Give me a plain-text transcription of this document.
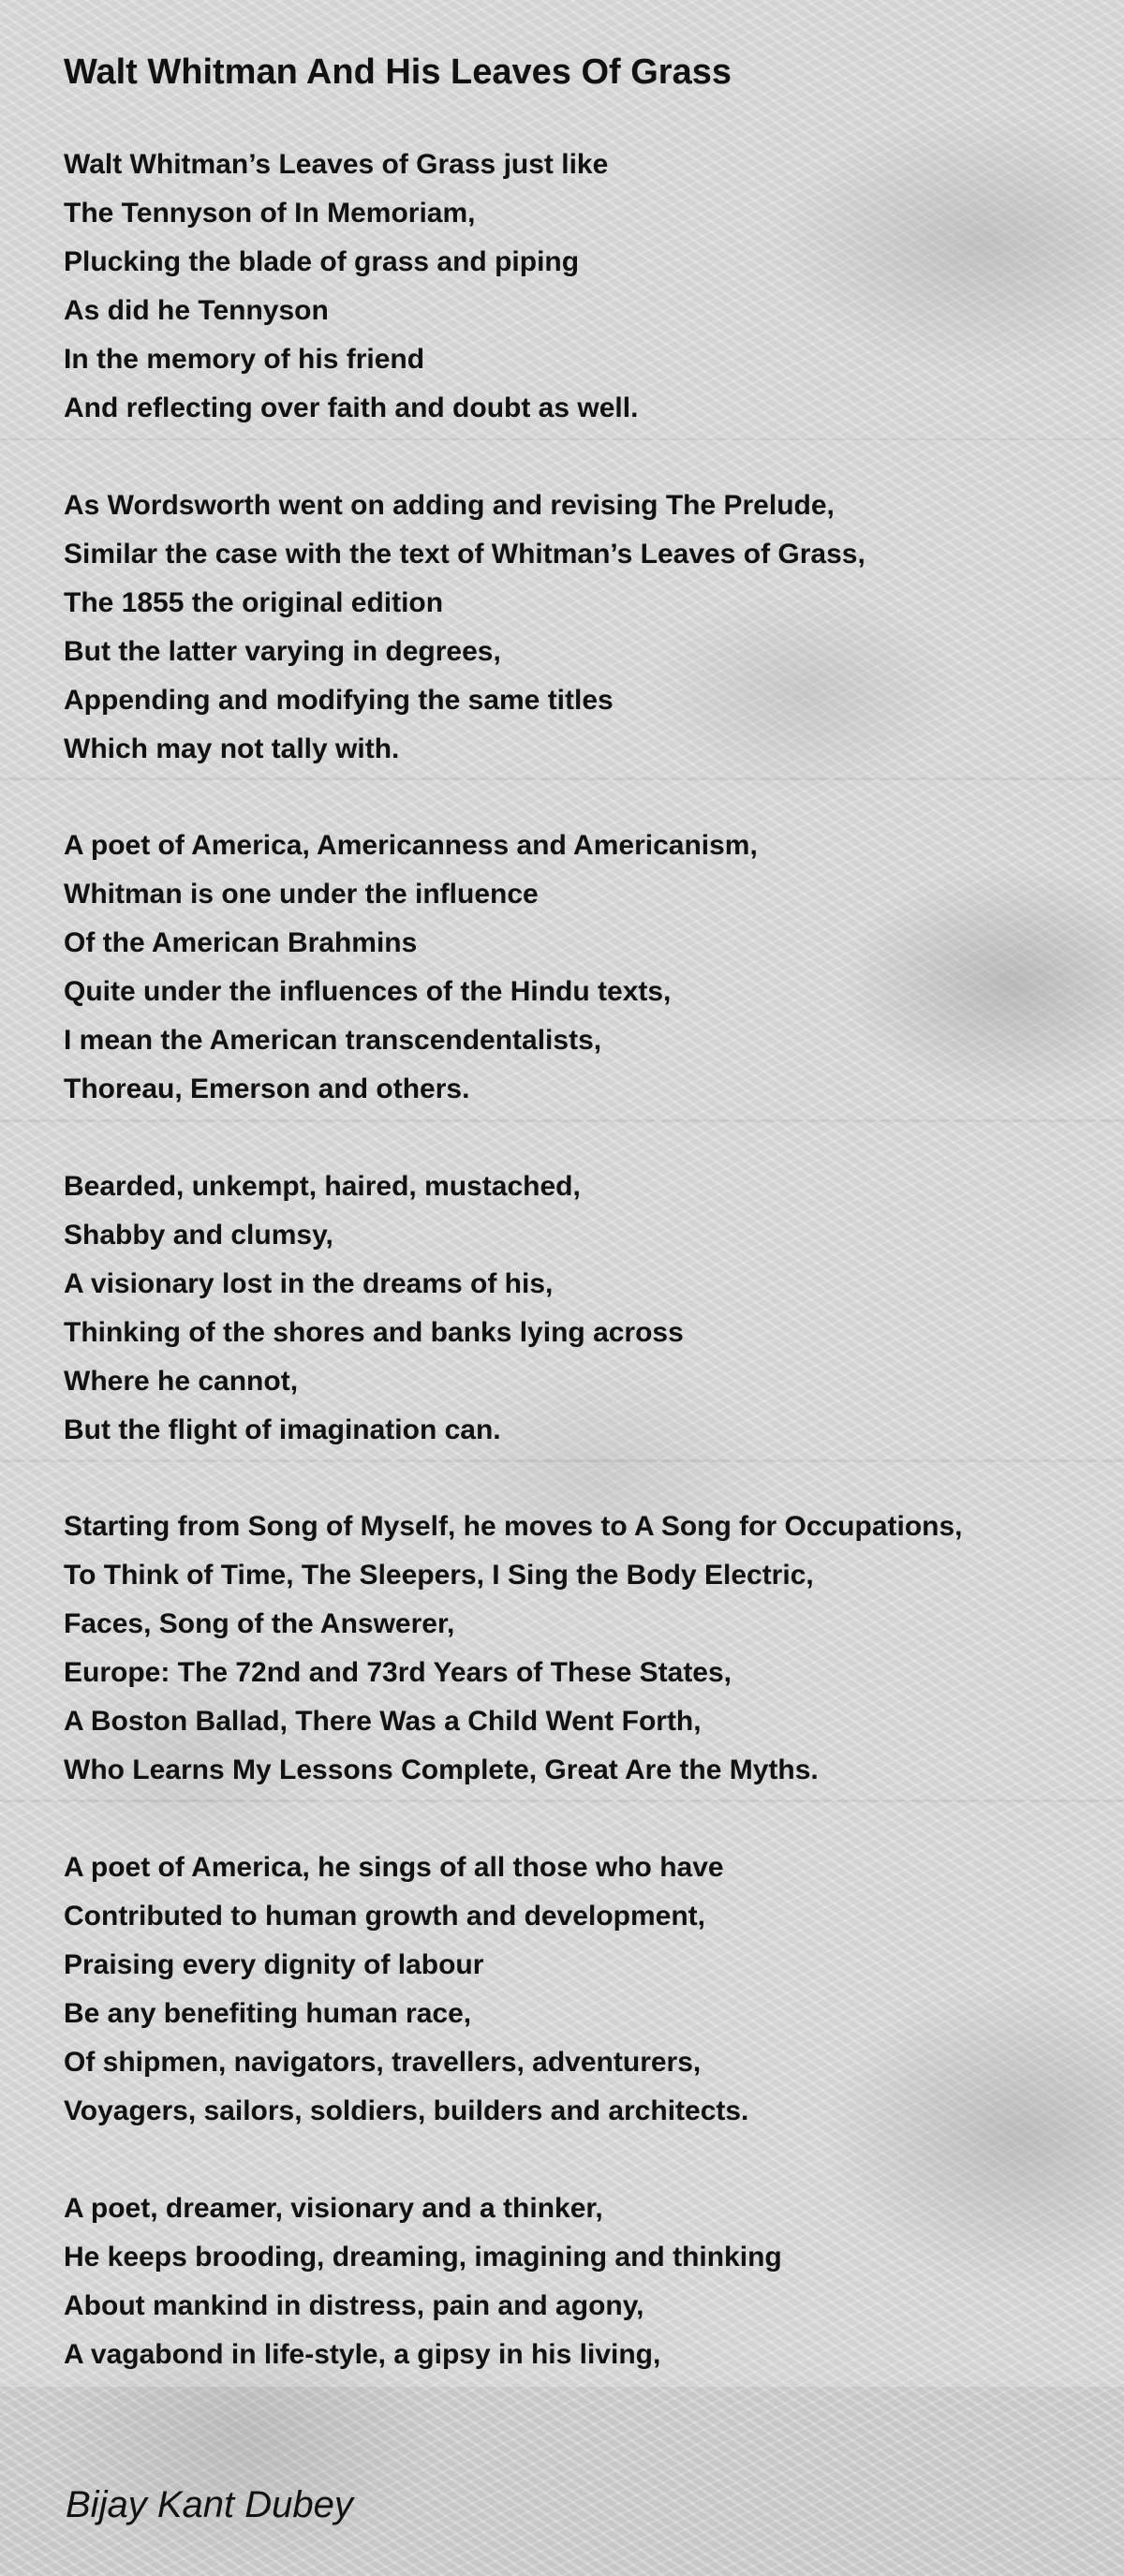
Walt Whitman And His Leaves Of Grass
Walt Whitman’s Leaves of Grass just like
The Tennyson of In Memoriam,
Plucking the blade of grass and piping
As did he Tennyson
In the memory of his friend
And reflecting over faith and doubt as well.
As Wordsworth went on adding and revising The Prelude,
Similar the case with the text of Whitman’s Leaves of Grass,
The 1855 the original edition
But the latter varying in degrees,
Appending and modifying the same titles
Which may not tally with.
A poet of America, Americanness and Americanism,
Whitman is one under the influence
Of the American Brahmins
Quite under the influences of the Hindu texts,
I mean the American transcendentalists,
Thoreau, Emerson and others.
Bearded, unkempt, haired, mustached,
Shabby and clumsy,
A visionary lost in the dreams of his,
Thinking of the shores and banks lying across
Where he cannot,
But the flight of imagination can.
Starting from Song of Myself, he moves to A Song for Occupations,
To Think of Time, The Sleepers, I Sing the Body Electric,
Faces, Song of the Answerer,
Europe: The 72nd and 73rd Years of These States,
A Boston Ballad, There Was a Child Went Forth,
Who Learns My Lessons Complete, Great Are the Myths.
A poet of America, he sings of all those who have
Contributed to human growth and development,
Praising every dignity of labour
Be any benefiting human race,
Of shipmen, navigators, travellers, adventurers,
Voyagers, sailors, soldiers, builders and architects.
A poet, dreamer, visionary and a thinker,
He keeps brooding, dreaming, imagining and thinking
About mankind in distress, pain and agony,
A vagabond in life-style, a gipsy in his living,
Bijay Kant Dubey
